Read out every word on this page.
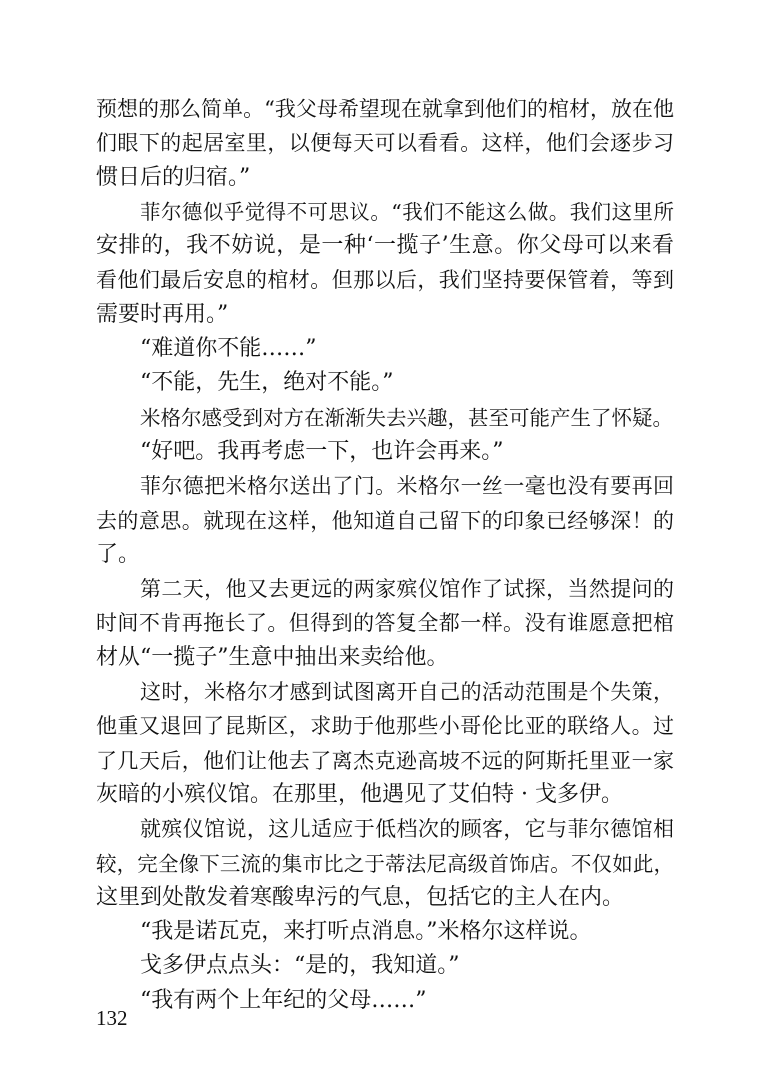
预想的那么简单。“我父母希望现在就拿到他们的棺材，放在他
们眼下的起居室里，以便每天可以看看。这样，他们会逐步习
惯日后的归宿。”
菲尔德似乎觉得不可思议。“我们不能这么做。我们这里所
安排的，我不妨说，是一种‘一揽子’生意。你父母可以来看
看他们最后安息的棺材。但那以后，我们坚持要保管着，等到
需要时再用。”
“难道你不能……”
“不能，先生，绝对不能。”
米格尔感受到对方在渐渐失去兴趣，甚至可能产生了怀疑。
“好吧。我再考虑一下，也许会再来。”
菲尔德把米格尔送出了门。米格尔一丝一毫也没有要再回
去的意思。就现在这样，他知道自己留下的印象已经够深！的
了。
第二天，他又去更远的两家殡仪馆作了试探，当然提问的
时间不肯再拖长了。但得到的答复全都一样。没有谁愿意把棺
材从“一揽子”生意中抽出来卖给他。
这时，米格尔才感到试图离开自己的活动范围是个失策，
他重又退回了昆斯区，求助于他那些小哥伦比亚的联络人。过
了几天后，他们让他去了离杰克逊高坡不远的阿斯托里亚一家
灰暗的小殡仪馆。在那里，他遇见了艾伯特 · 戈多伊。
就殡仪馆说，这儿适应于低档次的顾客，它与菲尔德馆相
较，完全像下三流的集市比之于蒂法尼高级首饰店。不仅如此，
这里到处散发着寒酸卑污的气息，包括它的主人在内。
“我是诺瓦克，来打听点消息。”米格尔这样说。
戈多伊点点头：“是的，我知道。”
“我有两个上年纪的父母……”
132
